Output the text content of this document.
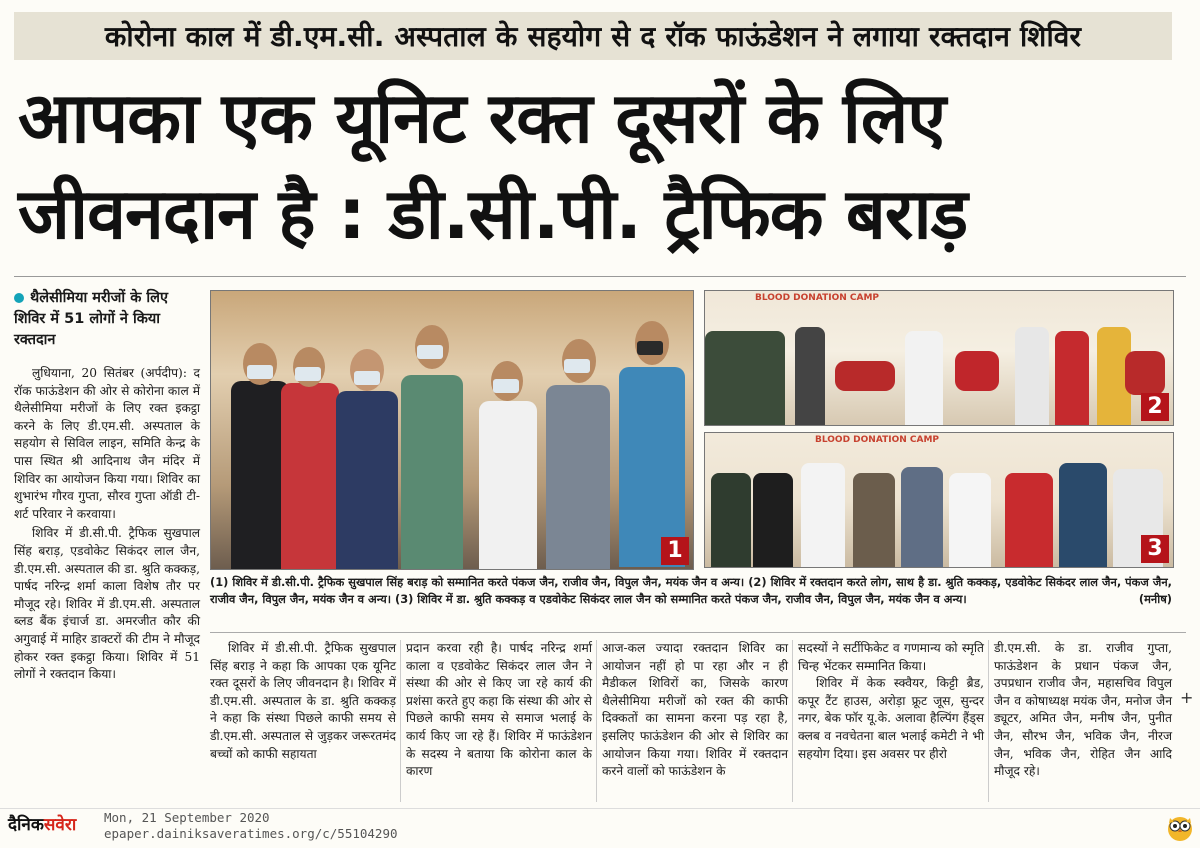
कोरोना काल में डी.एम.सी. अस्पताल के सहयोग से द रॉक फाऊंडेशन ने लगाया रक्तदान शिविर
आपका एक यूनिट रक्त दूसरों के लिए
जीवनदान है : डी.सी.पी. ट्रैफिक बराड़
थैलेसीमिया मरीजों के लिए शिविर में 51 लोगों ने किया रक्तदान

लुधियाना, 20 सितंबर (अर्पदीप): द रॉक फाऊंडेशन की ओर से कोरोना काल में थैलेसीमिया मरीजों के लिए रक्त इकट्ठा करने के लिए डी.एम.सी. अस्पताल के सहयोग से सिविल लाइन, समिति केन्द्र के पास स्थित श्री आदिनाथ जैन मंदिर में शिविर का आयोजन किया गया। शिविर का शुभारंभ गौरव गुप्ता, सौरव गुप्ता ऑडी टी-शर्ट परिवार ने करवाया।

शिविर में डी.सी.पी. ट्रैफिक सुखपाल सिंह बराड़, एडवोकेट सिकंदर लाल जैन, डी.एम.सी. अस्पताल की डा. श्रुति कक्कड़, पार्षद नरिन्द्र शर्मा काला विशेष तौर पर मौजूद रहे। शिविर में डी.एम.सी. अस्पताल ब्लड बैंक इंचार्ज डा. अमरजीत कौर की अगुवाई में माहिर डाक्टरों की टीम ने मौजूद होकर रक्त इकट्ठा किया। शिविर में 51 लोगों ने रक्तदान किया।

1
BLOOD DONATION CAMP
2
BLOOD DONATION CAMP
3
(1) शिविर में डी.सी.पी. ट्रैफिक सुखपाल सिंह बराड़ को सम्मानित करते पंकज जैन, राजीव जैन, विपुल जैन, मयंक जैन व अन्य। (2) शिविर में रक्तदान करते लोग, साथ है डा. श्रुति कक्कड़, एडवोकेट सिकंदर लाल जैन, पंकज जैन, राजीव जैन, विपुल जैन, मयंक जैन व अन्य। (3) शिविर में डा. श्रुति कक्कड़ व एडवोकेट सिकंदर लाल जैन को सम्मानित करते पंकज जैन, राजीव जैन, विपुल जैन, मयंक जैन व अन्य।	(मनीष)

शिविर में डी.सी.पी. ट्रैफिक सुखपाल सिंह बराड़ ने कहा कि आपका एक यूनिट रक्त दूसरों के लिए जीवनदान है। शिविर में डी.एम.सी. अस्पताल के डा. श्रुति कक्कड़ ने कहा कि संस्था पिछले काफी समय से डी.एम.सी. अस्पताल से जुड़कर जरूरतमंद बच्चों को काफी सहायता

प्रदान करवा रही है। पार्षद नरिन्द्र शर्मा काला व एडवोकेट सिकंदर लाल जैन ने संस्था की ओर से किए जा रहे कार्य की प्रशंसा करते हुए कहा कि संस्था की ओर से पिछले काफी समय से समाज भलाई के कार्य किए जा रहे हैं। शिविर में फाऊंडेशन के सदस्य ने बताया कि कोरोना काल के कारण

आज-कल ज्यादा रक्तदान शिविर का आयोजन नहीं हो पा रहा और न ही मैडीकल शिविरों का, जिसके कारण थैलेसीमिया मरीजों को रक्त की काफी दिक्कतों का सामना करना पड़ रहा है, इसलिए फाऊंडेशन की ओर से शिविर का आयोजन किया गया। शिविर में रक्तदान करने वालों को फाऊंडेशन के

सदस्यों ने सर्टीफिकेट व गणमान्य को स्मृति चिन्ह भेंटकर सम्मानित किया।

शिविर में केक स्क्वैयर, किट्टी ब्रैड, कपूर टैंट हाउस, अरोड़ा फ्रूट जूस, सुन्दर नगर, बेक फॉर यू.के. अलावा हैल्पिंग हैंड्स क्लब व नवचेतना बाल भलाई कमेटी ने भी सहयोग दिया। इस अवसर पर हीरो

डी.एम.सी. के डा. राजीव गुप्ता, फाऊंडेशन के प्रधान पंकज जैन, उपप्रधान राजीव जैन, महासचिव विपुल जैन व कोषाध्यक्ष मयंक जैन, मनोज जैन ड्यूटर, अमित जैन, मनीष जैन, पुनीत जैन, सौरभ जैन, भविक जैन, नीरज जैन, भविक जैन, रोहित जैन आदि मौजूद रहे।

+
दैनिकसवेरा	Mon, 21 September 2020
epaper.dainiksaveratimes.org/c/55104290
